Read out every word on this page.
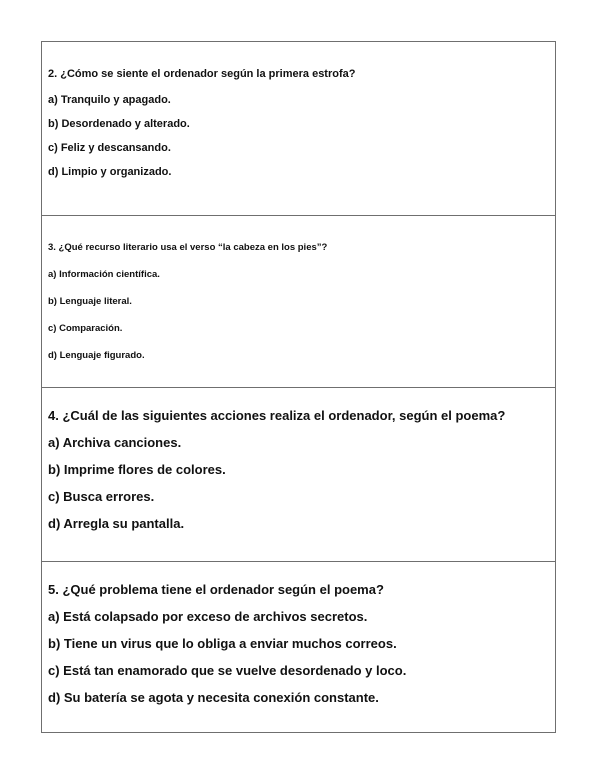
2. ¿Cómo se siente el ordenador según la primera estrofa?
a) Tranquilo y apagado.
b) Desordenado y alterado.
c) Feliz y descansando.
d) Limpio y organizado.
3. ¿Qué recurso literario usa el verso “la cabeza en los pies”?
a) Información científica.
b) Lenguaje literal.
c) Comparación.
d) Lenguaje figurado.
4. ¿Cuál de las siguientes acciones realiza el ordenador, según el poema?
a) Archiva canciones.
b) Imprime flores de colores.
c) Busca errores.
d) Arregla su pantalla.
5. ¿Qué problema tiene el ordenador según el poema?
a) Está colapsado por exceso de archivos secretos.
b) Tiene un virus que lo obliga a enviar muchos correos.
c) Está tan enamorado que se vuelve desordenado y loco.
d) Su batería se agota y necesita conexión constante.
